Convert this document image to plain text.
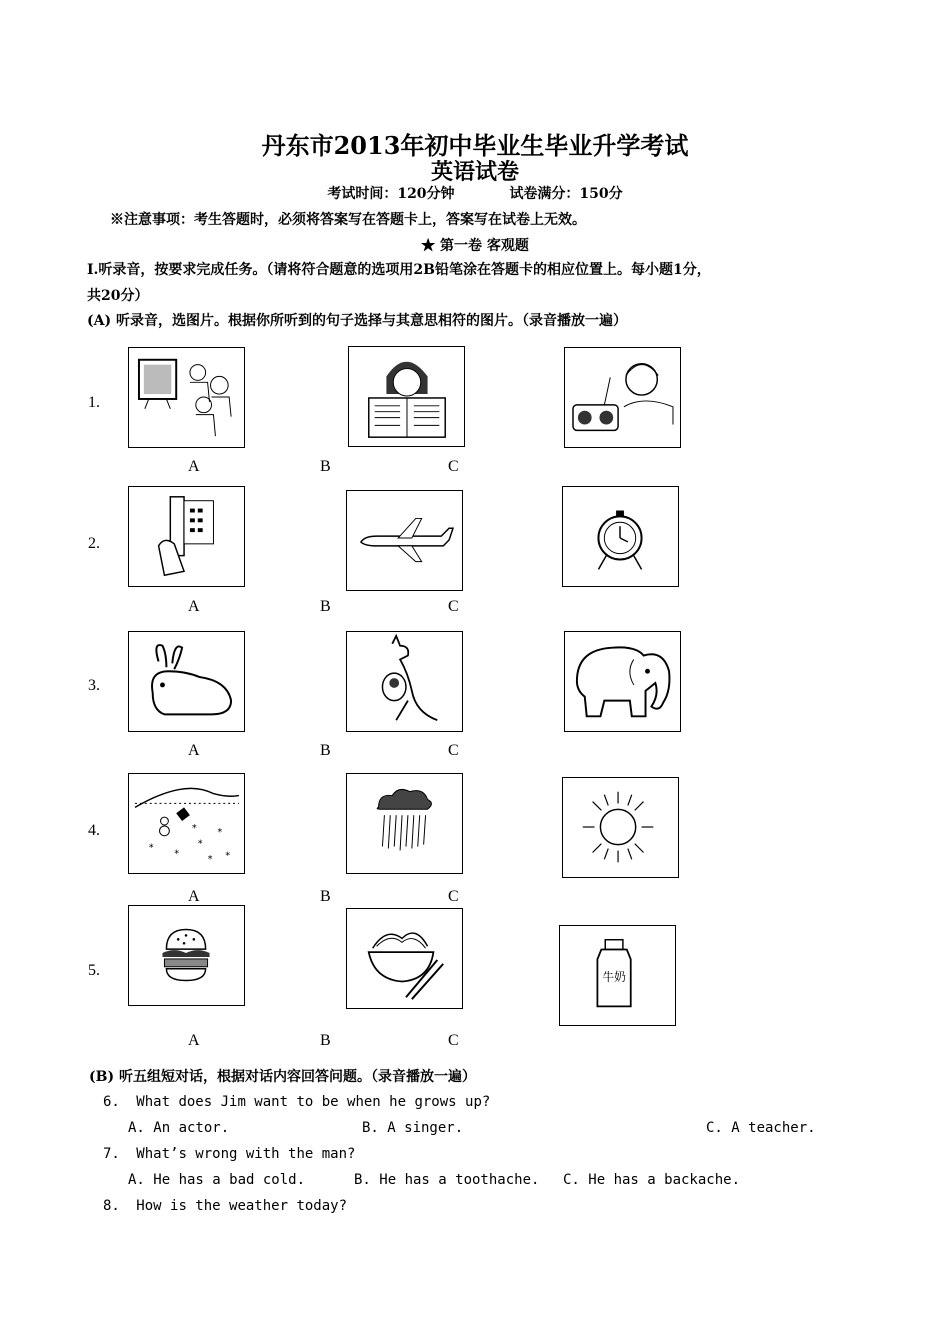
丹东市2013年初中毕业生毕业升学考试
英语试卷
考试时间：120分钟	试卷满分：150分
※注意事项：考生答题时，必须将答案写在答题卡上，答案写在试卷上无效。
★ 第一卷 客观题
Ⅰ.听录音，按要求完成任务。（请将符合题意的选项用2B铅笔涂在答题卡的相应位置上。每小题1分，
共20分）
(A) 听录音，选图片。根据你所听到的句子选择与其意思相符的图片。（录音播放一遍）
1.
A	B	C
2.
A	B	C
3.
A	B	C
4.
*
*
*
*
*
*
*
A	B	C
5.	牛奶
A	B	C
(B) 听五组短对话，根据对话内容回答问题。（录音播放一遍）
6. What does Jim want to be when he grows up?
A. An actor.	B. A singer.	C. A teacher.
7. What’s wrong with the man?
A. He has a bad cold.	B. He has a toothache. C. He has a backache.
8. How is the weather today?
